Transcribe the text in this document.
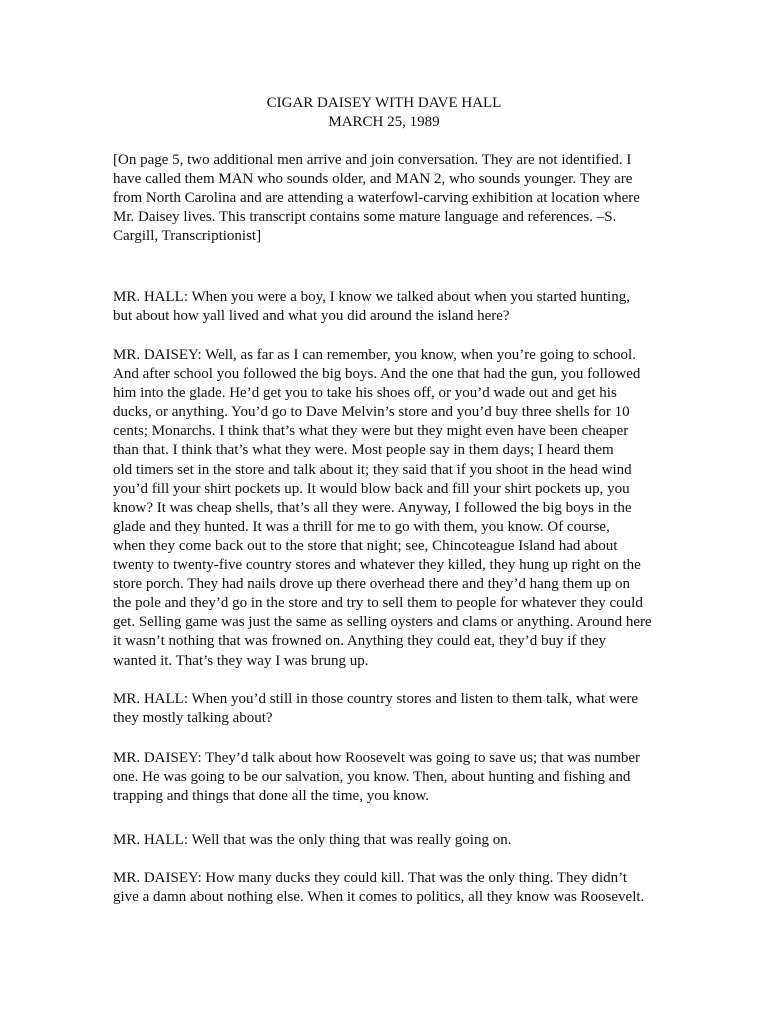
CIGAR DAISEY WITH DAVE HALL
MARCH 25, 1989
[On page 5, two additional men arrive and join conversation. They are not identified. I
have called them MAN who sounds older, and MAN 2, who sounds younger. They are
from North Carolina and are attending a waterfowl-carving exhibition at location where
Mr. Daisey lives. This transcript contains some mature language and references. –S.
Cargill, Transcriptionist]
MR. HALL: When you were a boy, I know we talked about when you started hunting,
but about how yall lived and what you did around the island here?
MR. DAISEY: Well, as far as I can remember, you know, when you’re going to school.
And after school you followed the big boys. And the one that had the gun, you followed
him into the glade. He’d get you to take his shoes off, or you’d wade out and get his
ducks, or anything. You’d go to Dave Melvin’s store and you’d buy three shells for 10
cents; Monarchs. I think that’s what they were but they might even have been cheaper
than that. I think that’s what they were. Most people say in them days; I heard them
old timers set in the store and talk about it; they said that if you shoot in the head wind
you’d fill your shirt pockets up. It would blow back and fill your shirt pockets up, you
know? It was cheap shells, that’s all they were. Anyway, I followed the big boys in the
glade and they hunted. It was a thrill for me to go with them, you know. Of course,
when they come back out to the store that night; see, Chincoteague Island had about
twenty to twenty-five country stores and whatever they killed, they hung up right on the
store porch. They had nails drove up there overhead there and they’d hang them up on
the pole and they’d go in the store and try to sell them to people for whatever they could
get. Selling game was just the same as selling oysters and clams or anything. Around here
it wasn’t nothing that was frowned on. Anything they could eat, they’d buy if they
wanted it. That’s they way I was brung up.
MR. HALL: When you’d still in those country stores and listen to them talk, what were
they mostly talking about?
MR. DAISEY: They’d talk about how Roosevelt was going to save us; that was number
one. He was going to be our salvation, you know. Then, about hunting and fishing and
trapping and things that done all the time, you know.
MR. HALL: Well that was the only thing that was really going on.
MR. DAISEY: How many ducks they could kill. That was the only thing. They didn’t
give a damn about nothing else. When it comes to politics, all they know was Roosevelt.
